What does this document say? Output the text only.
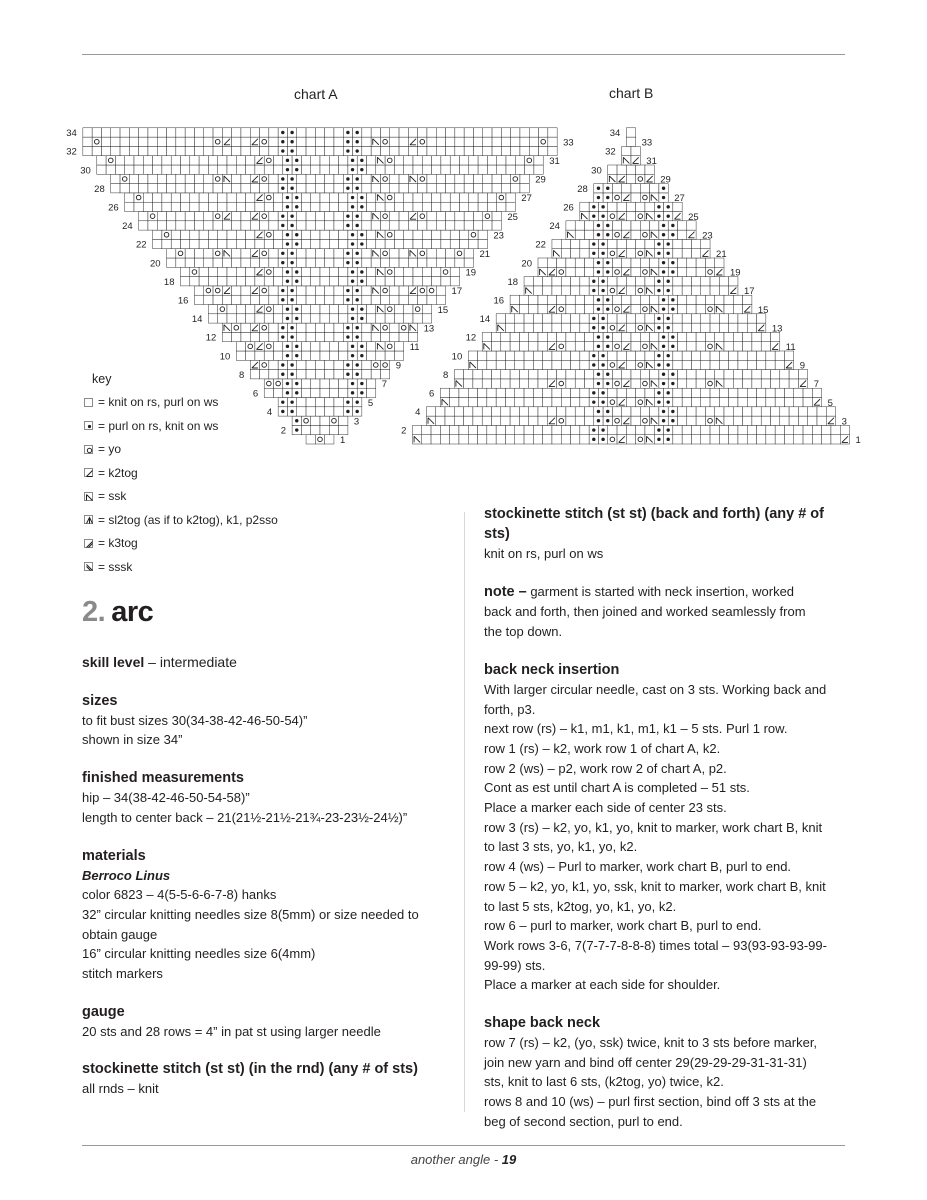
chart A	chart B
1
2
3
4
5
6
7
8
9
10
11
12
13
14
15
16
17
18
19
20
21
22
23
24
25
26
27
28
29
30
31
32
33
34
1
2
3
4
5
6
7
8
9
10
11
12
13
14
15
16
17
18
19
20
21
22
23
24
25
26
27
28
29
30
31
32
33
34
key
= knit on rs, purl on ws
= purl on rs, knit on ws
= yo
= k2tog
= ssk
= sl2tog (as if to k2tog), k1, p2sso
= k3tog
= sssk
2. arc

skill level – intermediate

sizes

to fit bust sizes 30(34-38-42-46-50-54)”

shown in size 34”

finished measurements

hip – 34(38-42-46-50-54-58)”

length to center back – 21(21½-21½-21¾-23-23½-24½)”

materials

Berroco Linus

color 6823 – 4(5-5-6-6-7-8) hanks

32” circular knitting needles size 8(5mm) or size needed to

obtain gauge

16” circular knitting needles size 6(4mm)

stitch markers

gauge

20 sts and 28 rows = 4” in pat st using larger needle

stockinette stitch (st st) (in the rnd) (any # of sts)

all rnds – knit

stockinette stitch (st st) (back and forth) (any # of

sts)

knit on rs, purl on ws

note – garment is started with neck insertion, worked

back and forth, then joined and worked seamlessly from

the top down.

back neck insertion

With larger circular needle, cast on 3 sts. Working back and

forth, p3.

next row (rs) – k1, m1, k1, m1, k1 – 5 sts. Purl 1 row.

row 1 (rs) – k2, work row 1 of chart A, k2.

row 2 (ws) – p2, work row 2 of chart A, p2.

Cont as est until chart A is completed – 51 sts.

Place a marker each side of center 23 sts.

row 3 (rs) – k2, yo, k1, yo, knit to marker, work chart B, knit

to last 3 sts, yo, k1, yo, k2.

row 4 (ws) – Purl to marker, work chart B, purl to end.

row 5 – k2, yo, k1, yo, ssk, knit to marker, work chart B, knit

to last 5 sts, k2tog, yo, k1, yo, k2.

row 6 – purl to marker, work chart B, purl to end.

Work rows 3-6, 7(7-7-7-8-8-8) times total – 93(93-93-93-99-

99-99) sts.

Place a marker at each side for shoulder.

shape back neck

row 7 (rs) – k2, (yo, ssk) twice, knit to 3 sts before marker,

join new yarn and bind off center 29(29-29-29-31-31-31)

sts, knit to last 6 sts, (k2tog, yo) twice, k2.

rows 8 and 10 (ws) – purl first section, bind off 3 sts at the

beg of second section, purl to end.

another angle - 19
